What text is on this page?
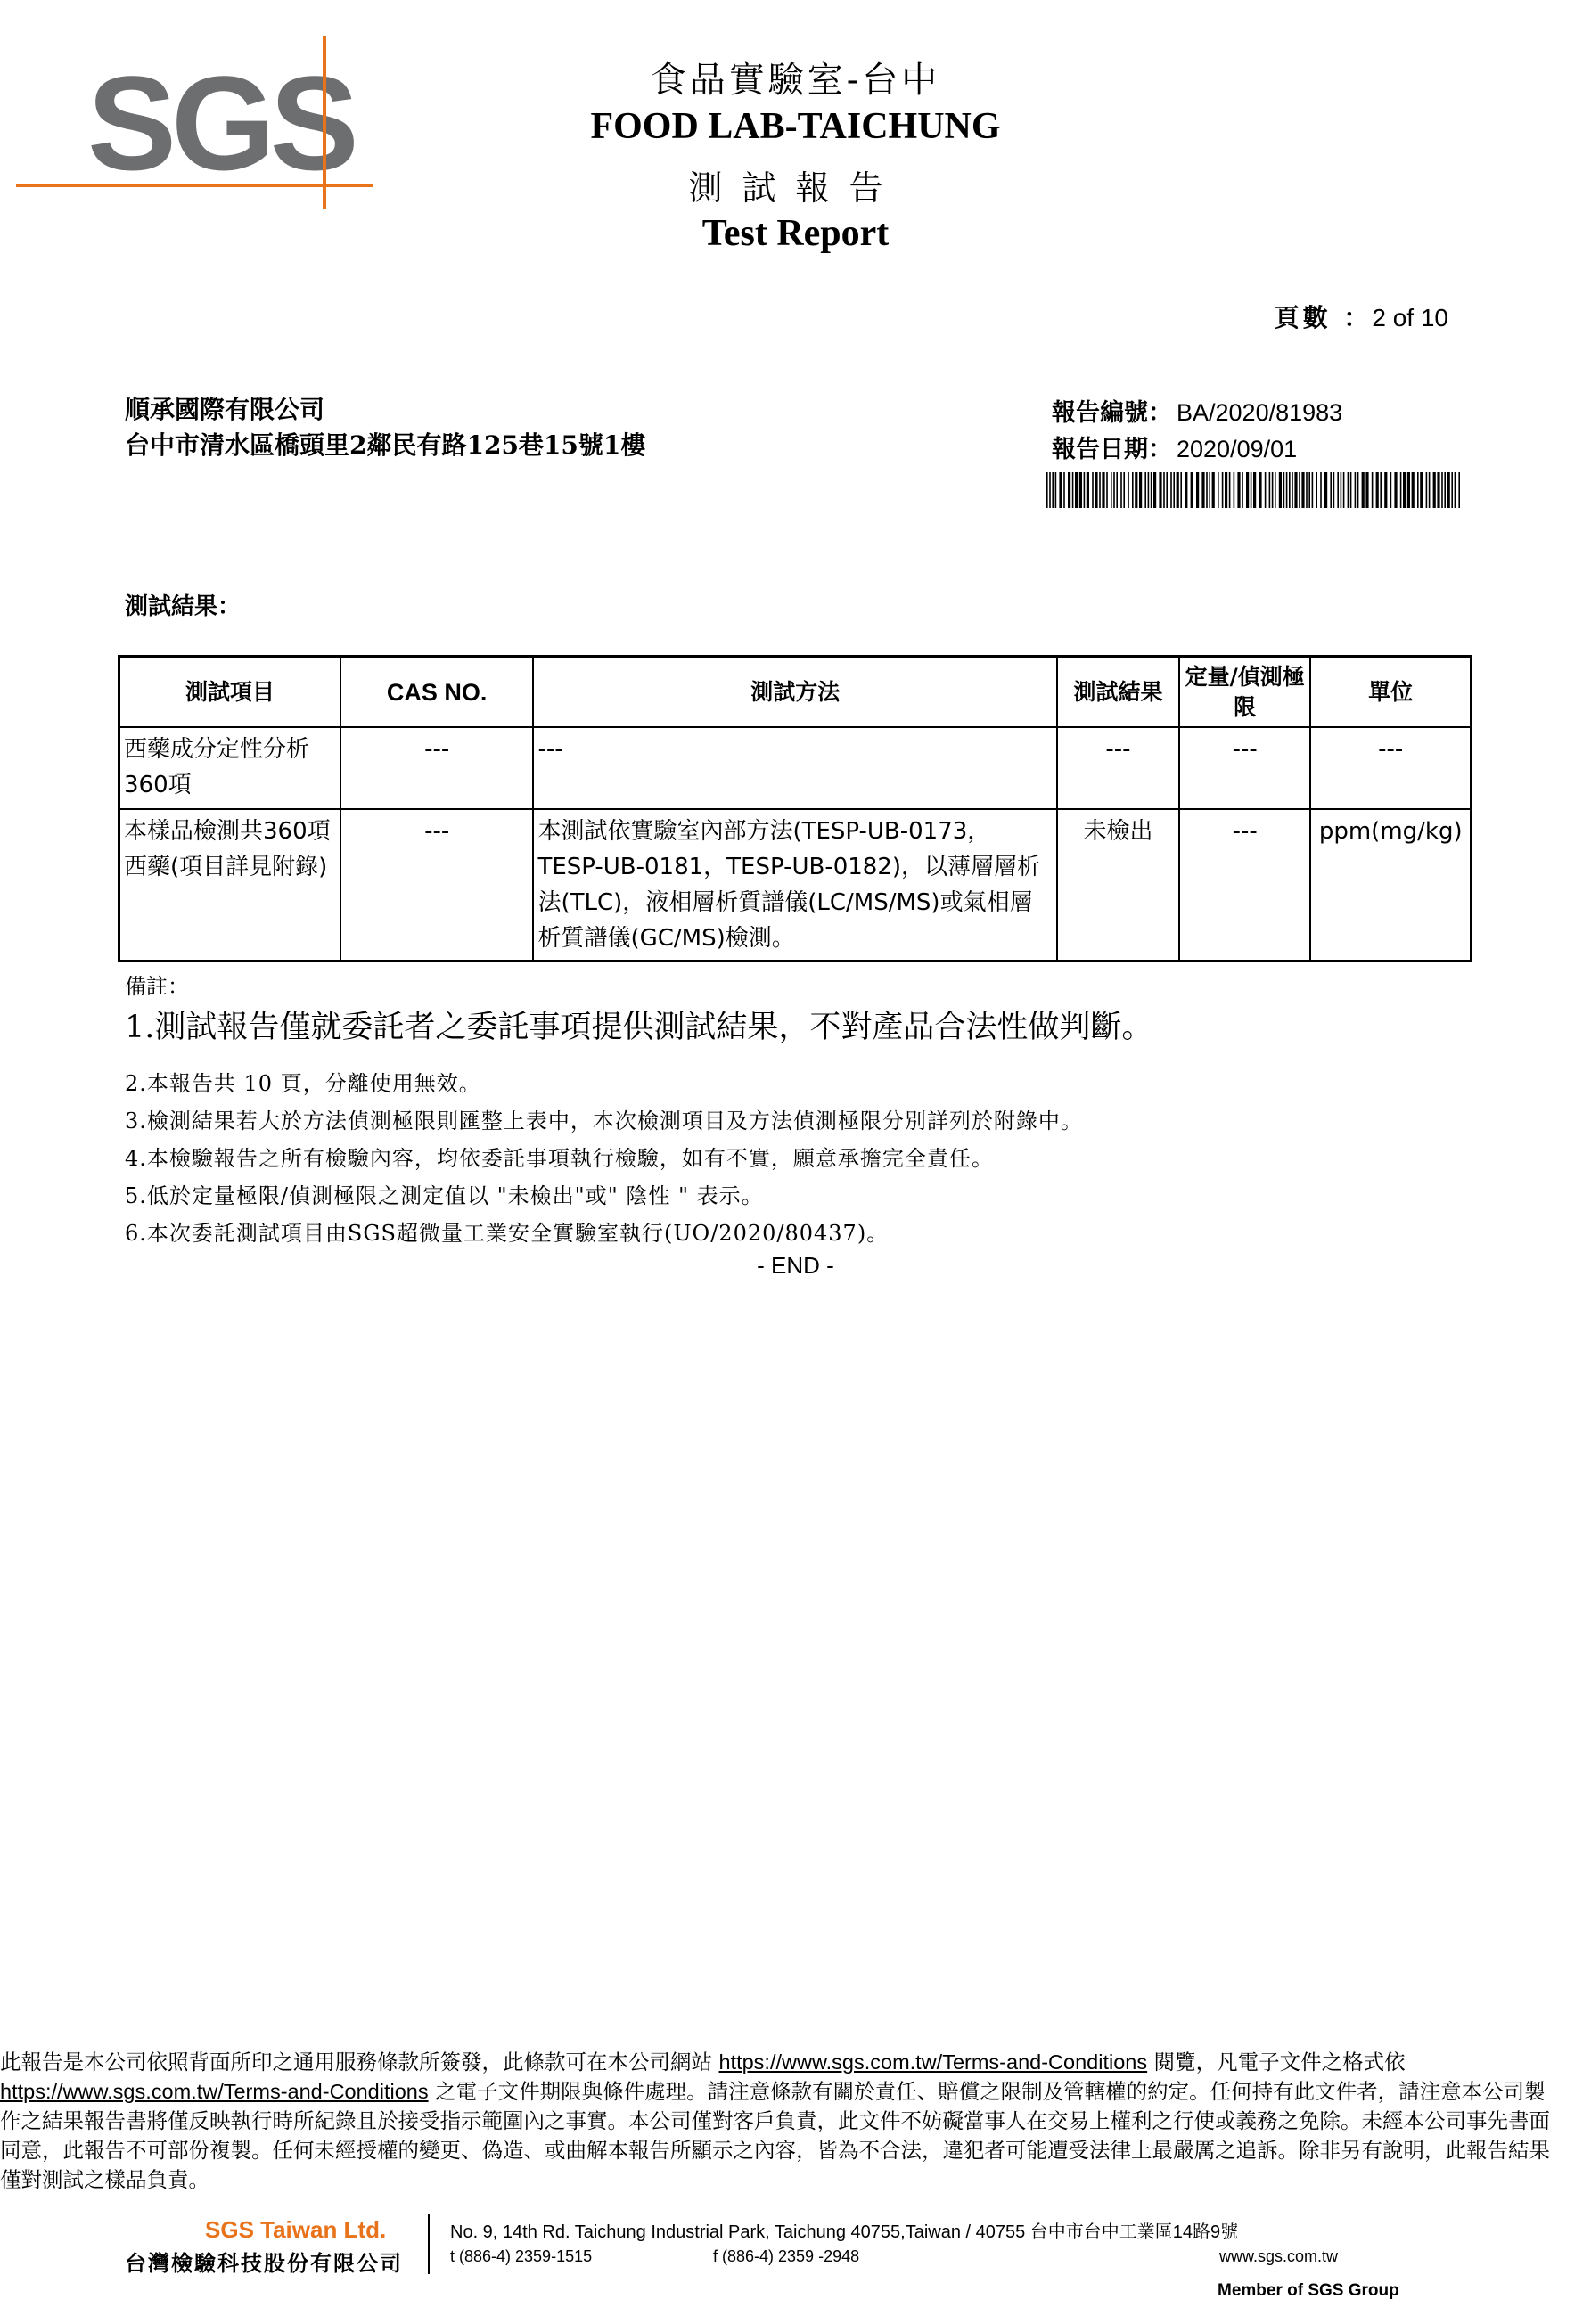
SGS	食品實驗室-台中
FOOD LAB-TAICHUNG
測試報告
Test Report
頁數 ：2 of 10
順承國際有限公司
台中市清水區橋頭里2鄰民有路125巷15號1樓
報告編號： BA/2020/81983
報告日期： 2020/09/01
測試結果：
測試項目	CAS NO.	測試方法	測試結果	定量/偵測極限	單位
西藥成分定性分析360項	---	---	---	---	---
本樣品檢測共360項西藥(項目詳見附錄)	---	本測試依實驗室內部方法(TESP-UB-0173，TESP-UB-0181，TESP-UB-0182)，以薄層層析法(TLC)，液相層析質譜儀(LC/MS/MS)或氣相層析質譜儀(GC/MS)檢測。	未檢出	---	ppm(mg/kg)
備註：
1.測試報告僅就委託者之委託事項提供測試結果，不對產品合法性做判斷。
2.本報告共 10 頁，分離使用無效。
3.檢測結果若大於方法偵測極限則匯整上表中，本次檢測項目及方法偵測極限分別詳列於附錄中。
4.本檢驗報告之所有檢驗內容，均依委託事項執行檢驗，如有不實，願意承擔完全責任。
5.低於定量極限/偵測極限之測定值以 "未檢出"或" 陰性 " 表示。
6.本次委託測試項目由SGS超微量工業安全實驗室執行(UO/2020/80437)。
- END -
此報告是本公司依照背面所印之通用服務條款所簽發，此條款可在本公司網站 https://www.sgs.com.tw/Terms-and-Conditions 閱覽，凡電子文件之格式依https://www.sgs.com.tw/Terms-and-Conditions 之電子文件期限與條件處理。請注意條款有關於責任、賠償之限制及管轄權的約定。任何持有此文件者，請注意本公司製作之結果報告書將僅反映執行時所紀錄且於接受指示範圍內之事實。本公司僅對客戶負責，此文件不妨礙當事人在交易上權利之行使或義務之免除。未經本公司事先書面同意，此報告不可部份複製。任何未經授權的變更、偽造、或曲解本報告所顯示之內容，皆為不合法，違犯者可能遭受法律上最嚴厲之追訴。除非另有說明，此報告結果僅對測試之樣品負責。
SGS Taiwan Ltd.
台灣檢驗科技股份有限公司
No. 9, 14th Rd. Taichung Industrial Park, Taichung 40755,Taiwan / 40755 台中市台中工業區14路9號
t (886-4) 2359-1515	f (886-4) 2359 -2948	www.sgs.com.tw
Member of SGS Group
